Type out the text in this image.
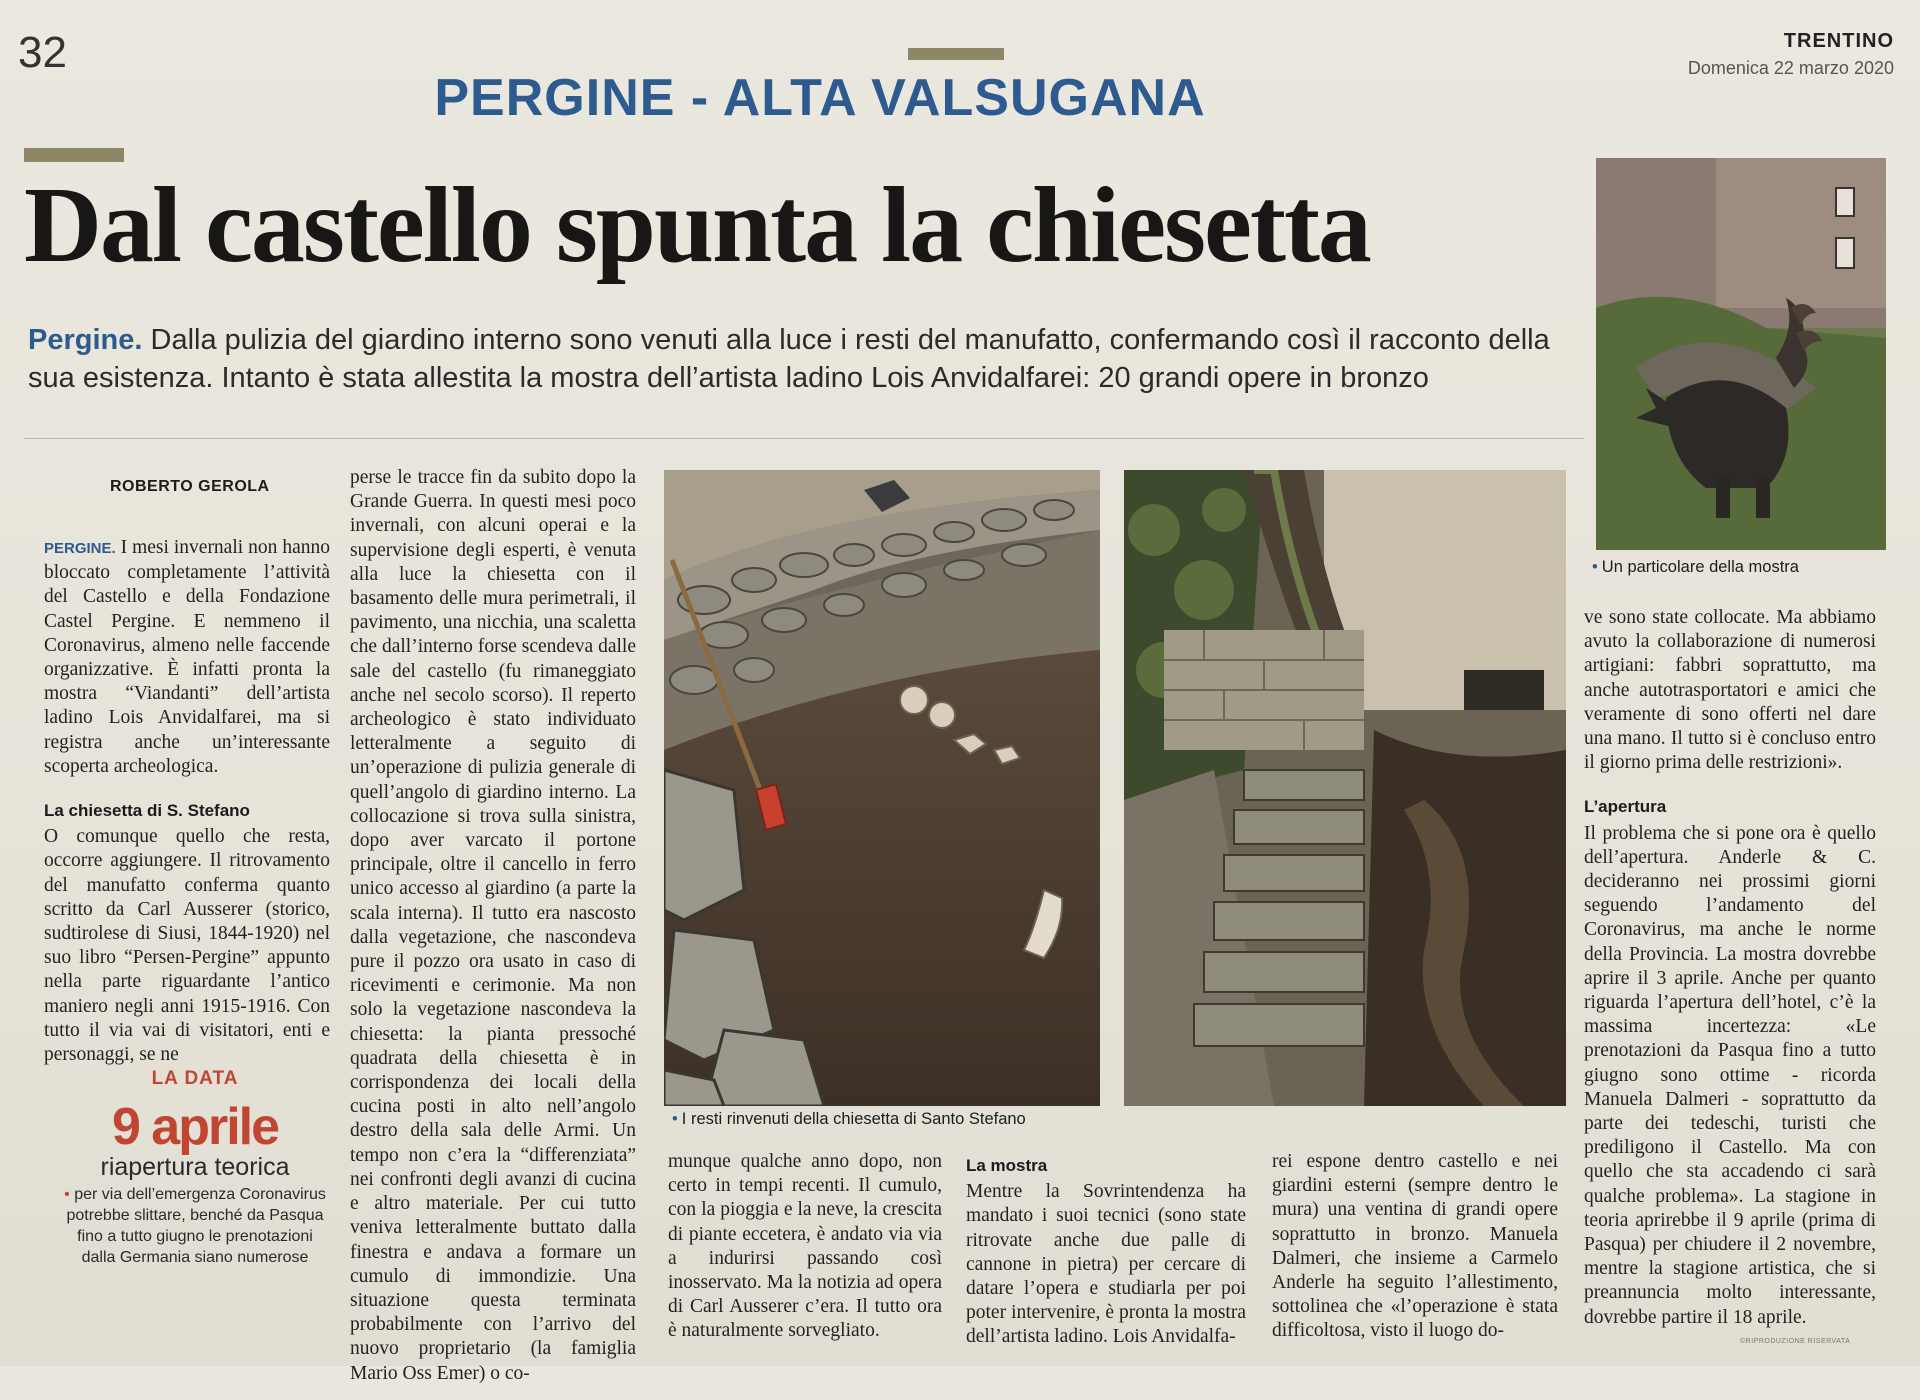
32	TRENTINO
Domenica 22 marzo 2020
PERGINE - ALTA VALSUGANA
Dal castello spunta la chiesetta
Pergine. Dalla pulizia del giardino interno sono venuti alla luce i resti del manufatto, confermando così il racconto della sua esistenza. Intanto è stata allestita la mostra dell’artista ladino Lois Anvidalfarei: 20 grandi opere in bronzo
ROBERTO GEROLA

PERGINE. I mesi invernali non hanno bloccato completamente l’attività del Castello e della Fondazione Castel Pergine. E nemmeno il Coronavirus, almeno nelle faccende organizzative. È infatti pronta la mostra “Viandanti” dell’artista ladino Lois Anvidalfarei, ma si registra anche un’interessante scoperta archeologica.

La chiesetta di S. Stefano

O comunque quello che resta, occorre aggiungere. Il ritrovamento del manufatto conferma quanto scritto da Carl Ausserer (storico, sudtirolese di Siusi, 1844-1920) nel suo libro “Persen-Pergine” appunto nella parte riguardante l’antico maniero negli anni 1915-1916. Con tutto il via vai di visitatori, enti e personaggi, se ne

perse le tracce fin da subito dopo la Grande Guerra. In questi mesi poco invernali, con alcuni operai e la supervisione degli esperti, è venuta alla luce la chiesetta con il basamento delle mura perimetrali, il pavimento, una nicchia, una scaletta che dall’interno forse scendeva dalle sale del castello (fu rimaneggiato anche nel secolo scorso). Il reperto archeologico è stato individuato letteralmente a seguito di un’operazione di pulizia generale di quell’angolo di giardino interno. La collocazione si trova sulla sinistra, dopo aver varcato il portone principale, oltre il cancello in ferro unico accesso al giardino (a parte la scala interna). Il tutto era nascosto dalla vegetazione, che nascondeva pure il pozzo ora usato in caso di ricevimenti e cerimonie. Ma non solo la vegetazione nascondeva la chiesetta: la pianta pressoché quadrata della chiesetta è in corrispondenza dei locali della cucina posti in alto nell’angolo destro della sala delle Armi. Un tempo non c’era la “differenziata” nei confronti degli avanzi di cucina e altro materiale. Per cui tutto veniva letteralmente buttato dalla finestra e andava a formare un cumulo di immondizie. Una situazione questa terminata probabilmente con l’arrivo del nuovo proprietario (la famiglia Mario Oss Emer) o co-

• I resti rinvenuti della chiesetta di Santo Stefano
• Un particolare della mostra

munque qualche anno dopo, non certo in tempi recenti. Il cumulo, con la pioggia e la neve, la crescita di piante eccetera, è andato via via a indurirsi passando così inosservato. Ma la notizia ad opera di Carl Ausserer c’era. Il tutto ora è naturalmente sorvegliato.

La mostra

Mentre la Sovrintendenza ha mandato i suoi tecnici (sono state ritrovate anche due palle di cannone in pietra) per cercare di datare l’opera e studiarla per poi poter intervenire, è pronta la mostra dell’artista ladino. Lois Anvidalfa-

rei espone dentro castello e nei giardini esterni (sempre dentro le mura) una ventina di grandi opere soprattutto in bronzo. Manuela Dalmeri, che insieme a Carmelo Anderle ha seguito l’allestimento, sottolinea che «l’operazione è stata difficoltosa, visto il luogo do-

ve sono state collocate. Ma abbiamo avuto la collaborazione di numerosi artigiani: fabbri soprattutto, ma anche autotrasportatori e amici che veramente di sono offerti nel dare una mano. Il tutto si è concluso entro il giorno prima delle restrizioni».

L’apertura

Il problema che si pone ora è quello dell’apertura. Anderle & C. decideranno nei prossimi giorni seguendo l’andamento del Coronavirus, ma anche le norme della Provincia. La mostra dovrebbe aprire il 3 aprile. Anche per quanto riguarda l’apertura dell’hotel, c’è la massima incertezza: «Le prenotazioni da Pasqua fino a tutto giugno sono ottime - ricorda Manuela Dalmeri - soprattutto da parte dei tedeschi, turisti che prediligono il Castello. Ma con quello che sta accadendo ci sarà qualche problema». La stagione in teoria aprirebbe il 9 aprile (prima di Pasqua) per chiudere il 2 novembre, mentre la stagione artistica, che si preannuncia molto interessante, dovrebbe partire il 18 aprile.

LA DATA
9 aprile
riapertura teorica
• per via dell’emergenza Coronavirus potrebbe slittare, benché da Pasqua fino a tutto giugno le prenotazioni dalla Germania siano numerose
©RIPRODUZIONE RISERVATA
